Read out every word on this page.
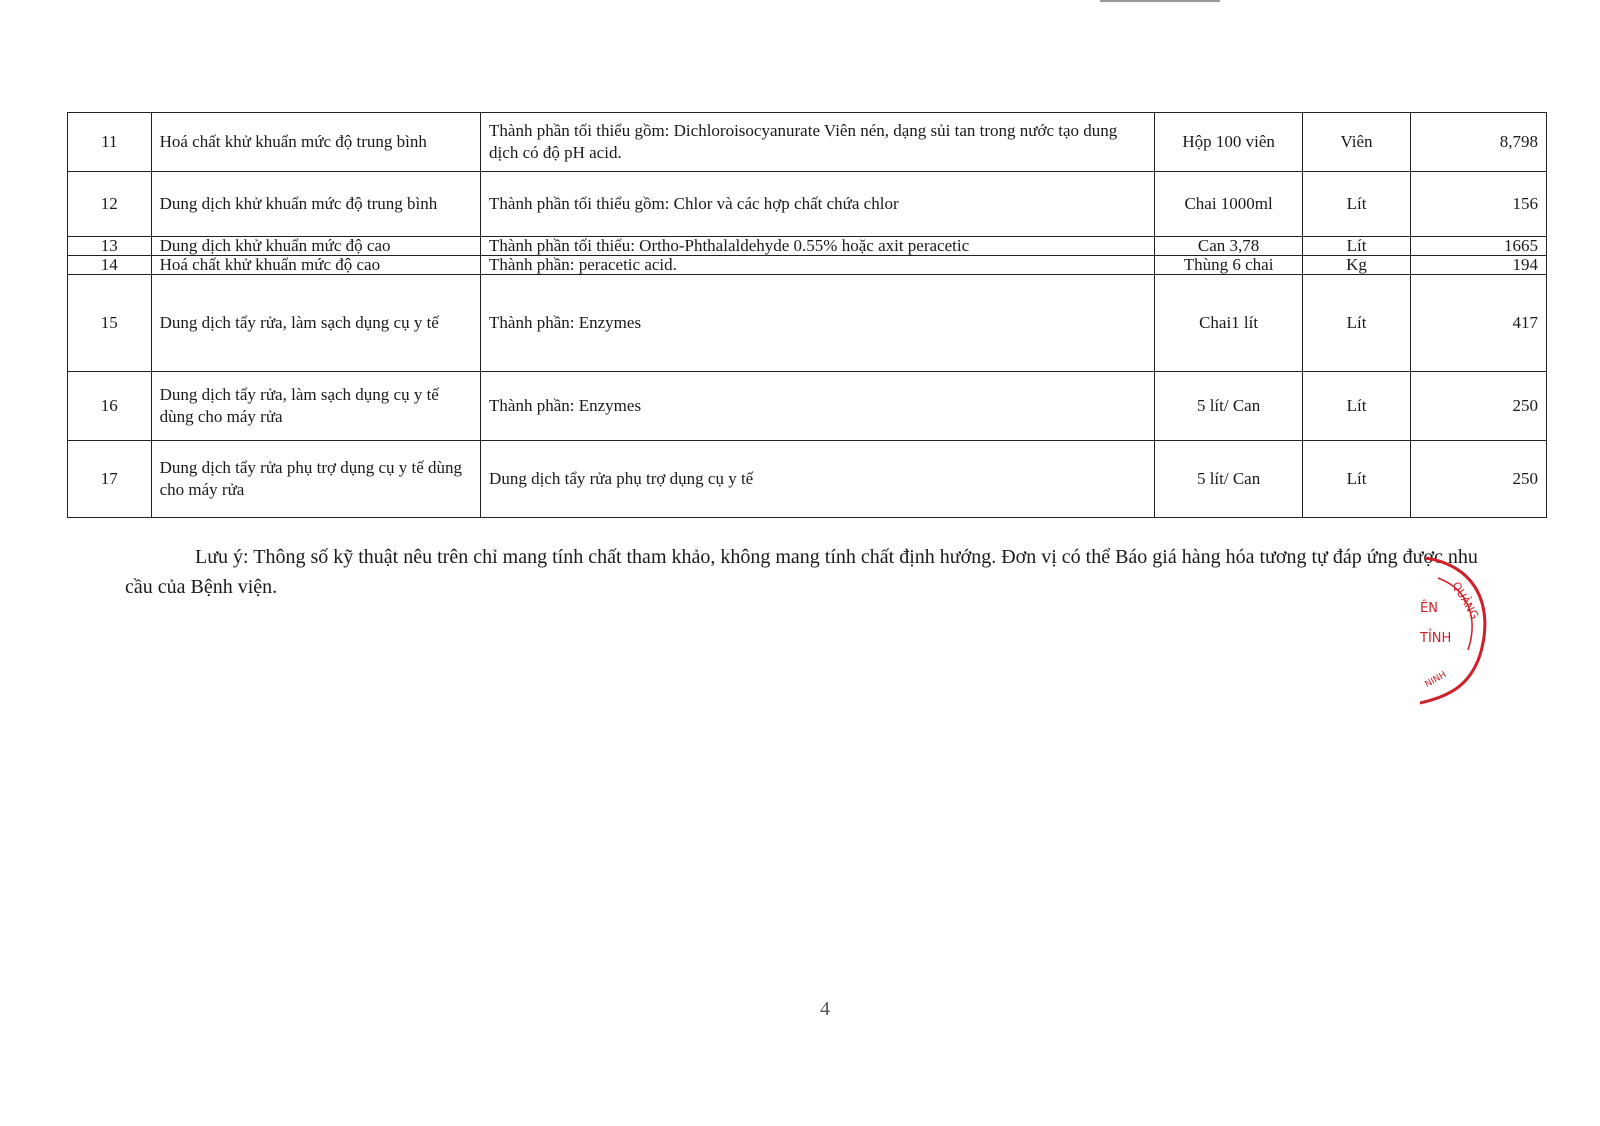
11	Hoá chất khử khuẩn mức độ trung bình	Thành phần tối thiểu gồm: Dichloroisocyanurate Viên nén, dạng sủi tan trong nước tạo dung dịch có độ pH acid.	Hộp 100 viên	Viên	8,798
12	Dung dịch khử khuẩn mức độ trung bình	Thành phần tối thiểu gồm: Chlor và các hợp chất chứa chlor	Chai 1000ml	Lít	156
13	Dung dịch khử khuẩn mức độ cao	Thành phần tối thiểu: Ortho-Phthalaldehyde 0.55% hoặc axit peracetic	Can 3,78	Lít	1665
14	Hoá chất khử khuẩn mức độ cao	Thành phần: peracetic acid.	Thùng 6 chai	Kg	194
15	Dung dịch tẩy rửa, làm sạch dụng cụ y tế	Thành phần: Enzymes	Chai1 lít	Lít	417
16	Dung dịch tẩy rửa, làm sạch dụng cụ y tế dùng cho máy rửa	Thành phần: Enzymes	5 lít/ Can	Lít	250
17	Dung dịch tẩy rửa phụ trợ dụng cụ y tế dùng cho máy rửa	Dung dịch tẩy rửa phụ trợ dụng cụ y tế	5 lít/ Can	Lít	250

Lưu ý: Thông số kỹ thuật nêu trên chỉ mang tính chất tham khảo, không mang tính chất định hướng. Đơn vị có thể Báo giá hàng hóa tương tự đáp ứng được nhu cầu của Bệnh viện.	QUẢNG
ÊN
TỈNH
NINH
4
